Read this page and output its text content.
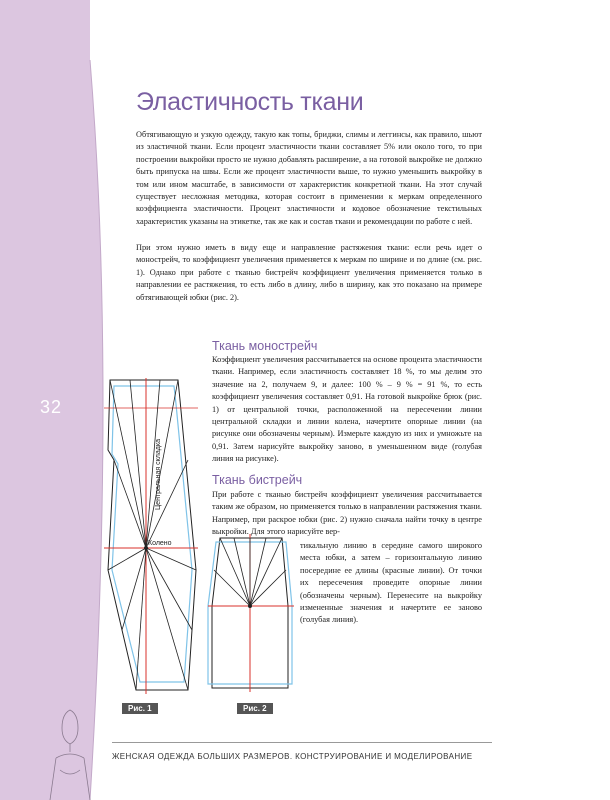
32
Эластичность ткани

Обтягивающую и узкую одежду, такую как топы, бриджи, слимы и леггинсы, как правило, шьют из эластичной ткани. Если процент эластичности ткани составляет 5% или около того, то при построении выкройки просто не нужно добавлять расширение, а на готовой выкройке не должно быть припуска на швы. Если же процент эластичности выше, то нужно уменьшить выкройку в том или ином масштабе, в зависимости от характеристик конкретной ткани. На этот случай существует несложная методика, которая состоит в применении к меркам определенного коэффициента эластичности. Процент эластичности и кодовое обозначение текстильных характеристик указаны на этикетке, так же как и состав ткани и рекомендации по работе с ней.

При этом нужно иметь в виду еще и направление растяжения ткани: если речь идет о монострейч, то коэффициент увеличения применяется к меркам по ширине и по длине (см. рис. 1). Однако при работе с тканью бистрейч коэффициент увеличения применяется только в направлении ее растяжения, то есть либо в длину, либо в ширину, как это показано на примере обтягивающей юбки (рис. 2).

Ткань монострейч

Коэффициент увеличения рассчитывается на основе процента эластичности ткани. Например, если эластичность составляет 18 %, то мы делим это значение на 2, получаем 9, и далее: 100 % – 9 % = 91 %, то есть коэффициент увеличения составляет 0,91. На готовой выкройке брюк (рис. 1) от центральной точки, расположенной на пересечении линии центральной складки и линии колена, начертите опорные линии (на рисунке они обозначены черным). Измерьте каждую из них и умножьте на 0,91. Затем нарисуйте выкройку заново, в уменьшенном виде (голубая линия на рисунке).

Ткань бистрейч

При работе с тканью бистрейч коэффициент увеличения рассчитывается таким же образом, но применяется только в направлении растяжения ткани. Например, при раскрое юбки (рис. 2) нужно сначала найти точку в центре выкройки. Для этого нарисуйте вер-

тикальную линию в середине самого широкого места юбки, а затем – горизонтальную линию посередине ее длины (красные линии). От точки их пересечения проведите опорные линии (обозначены черным). Перенесите на выкройку измененные значения и начертите ее заново (голубая линия).

Центральная складка
Колено
Рис. 1	Рис. 2
ЖЕНСКАЯ ОДЕЖДА БОЛЬШИХ РАЗМЕРОВ. КОНСТРУИРОВАНИЕ И МОДЕЛИРОВАНИЕ
